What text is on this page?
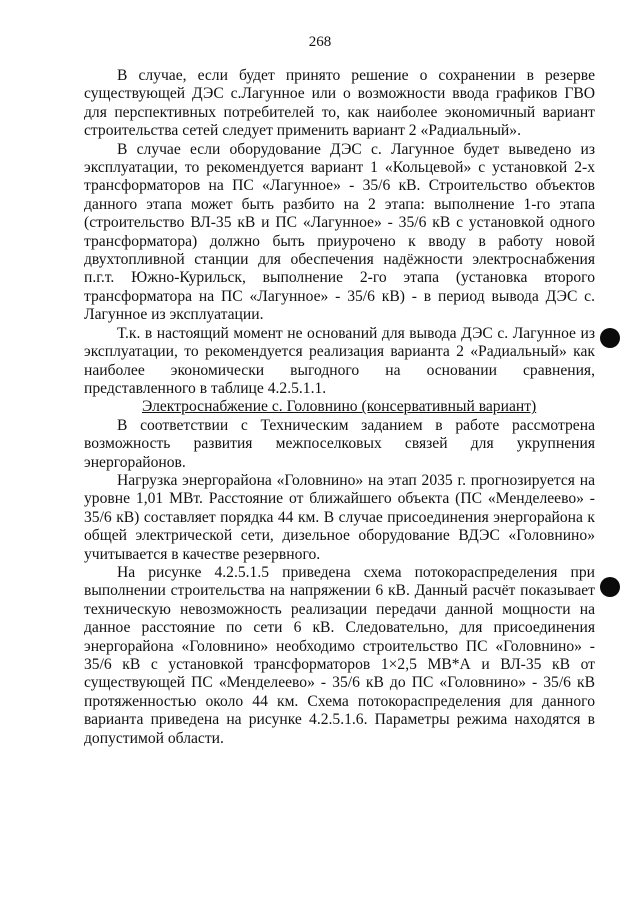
268

В случае, если будет принято решение о сохранении в резерве существующей ДЭС с.Лагунное или о возможности ввода графиков ГВО для перспективных потребителей то, как наиболее экономичный вариант строительства сетей следует применить вариант 2 «Радиальный».

В случае если оборудование ДЭС с. Лагунное будет выведено из эксплуатации, то рекомендуется вариант 1 «Кольцевой» с установкой 2-х трансформаторов на ПС «Лагунное» - 35/6 кВ. Строительство объектов данного этапа может быть разбито на 2 этапа: выполнение 1-го этапа (строительство ВЛ-35 кВ и ПС «Лагунное» - 35/6 кВ с установкой одного трансформатора) должно быть приурочено к вводу в работу новой двухтопливной станции для обеспечения надёжности электроснабжения п.г.т. Южно-Курильск, выполнение 2-го этапа (установка второго трансформатора на ПС «Лагунное» - 35/6 кВ) - в период вывода ДЭС с. Лагунное из эксплуатации.

Т.к. в настоящий момент не оснований для вывода ДЭС с. Лагунное из эксплуатации, то рекомендуется реализация варианта 2 «Радиальный» как наиболее экономически выгодного на основании сравнения, представленного в таблице 4.2.5.1.1.

Электроснабжение с. Головнино (консервативный вариант)

В соответствии с Техническим заданием в работе рассмотрена возможность развития межпоселковых связей для укрупнения энергорайонов.

Нагрузка энергорайона «Головнино» на этап 2035 г. прогнозируется на уровне 1,01 МВт. Расстояние от ближайшего объекта (ПС «Менделеево» - 35/6 кВ) составляет порядка 44 км. В случае присоединения энергорайона к общей электрической сети, дизельное оборудование ВДЭС «Головнино» учитывается в качестве резервного.

На рисунке 4.2.5.1.5 приведена схема потокораспределения при выполнении строительства на напряжении 6 кВ. Данный расчёт показывает техническую невозможность реализации передачи данной мощности на данное расстояние по сети 6 кВ. Следовательно, для присоединения энергорайона «Головнино» необходимо строительство ПС «Головнино» - 35/6 кВ с установкой трансформаторов 1×2,5 МВ*А и ВЛ-35 кВ от существующей ПС «Менделеево» - 35/6 кВ до ПС «Головнино» - 35/6 кВ протяженностью около 44 км. Схема потокораспределения для данного варианта приведена на рисунке 4.2.5.1.6. Параметры режима находятся в допустимой области.
